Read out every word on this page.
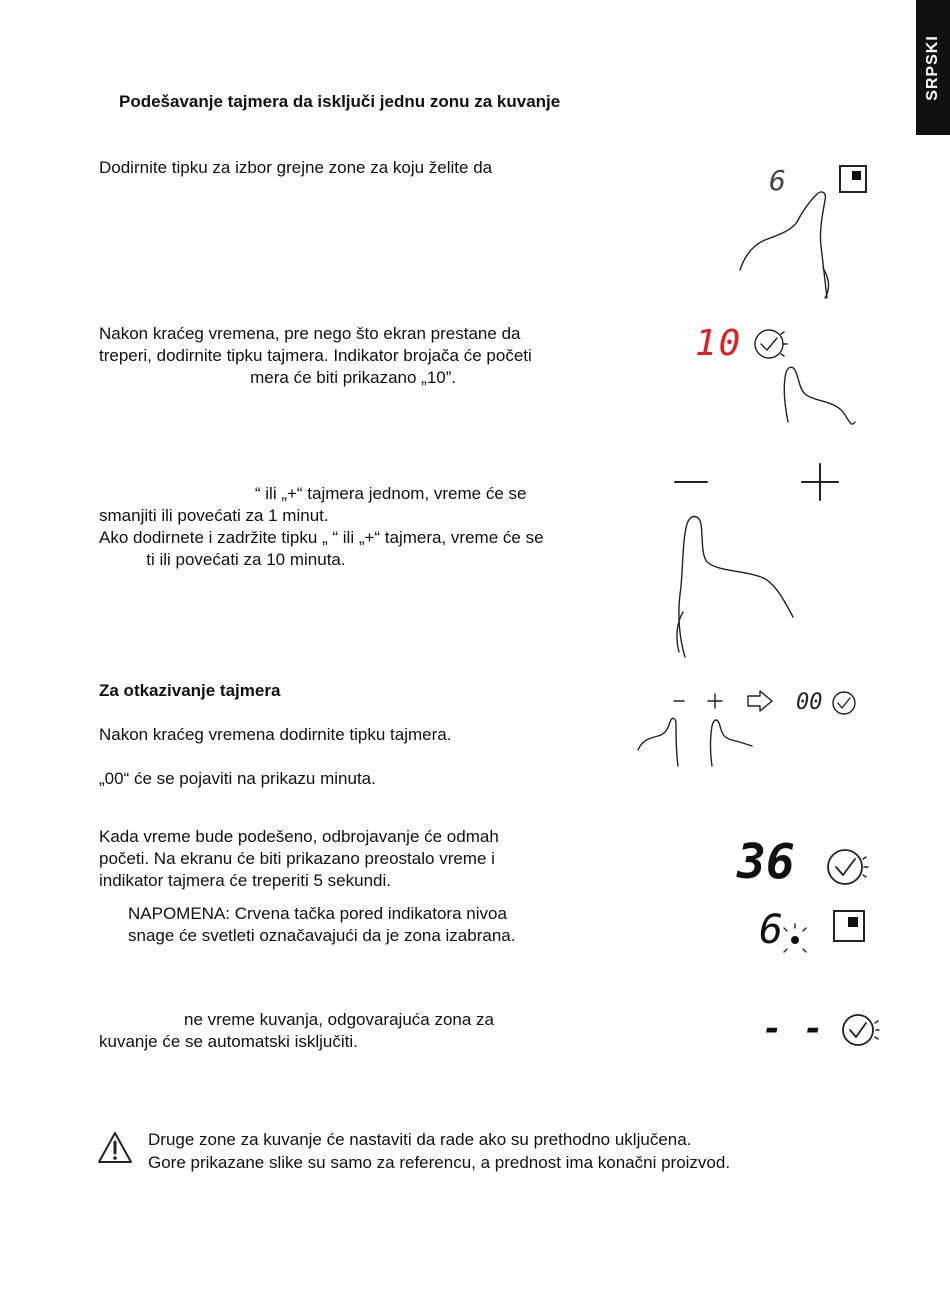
SRPSKI
Podešavanje tajmera da isključi jednu zonu za kuvanje
Dodirnite tipku za izbor grejne zone za koju želite da	6
Nakon kraćeg vremena, pre nego što ekran prestane da
treperi, dodirnite tipku tajmera. Indikator brojača će početi
mera će biti prikazano „10”.
10
“ ili „+“ tajmera jednom, vreme će se
smanjiti ili povećati za 1 minut.
Ako dodirnete i zadržite tipku „ “ ili „+“ tajmera, vreme će se
ti ili povećati za 10 minuta.
Za otkazivanje tajmera
Nakon kraćeg vremena dodirnite tipku tajmera.
„00“ će se pojaviti na prikazu minuta.
00
Kada vreme bude podešeno, odbrojavanje će odmah
početi. Na ekranu će biti prikazano preostalo vreme i
indikator tajmera će treperiti 5 sekundi.
NAPOMENA: Crvena tačka pored indikatora nivoa
snage će svetleti označavajući da je zona izabrana.
36
6
ne vreme kuvanja, odgovarajuća zona za
kuvanje će se automatski isključiti.	- -
Druge zone za kuvanje će nastaviti da rade ako su prethodno uključena.
Gore prikazane slike su samo za referencu, a prednost ima konačni proizvod.
